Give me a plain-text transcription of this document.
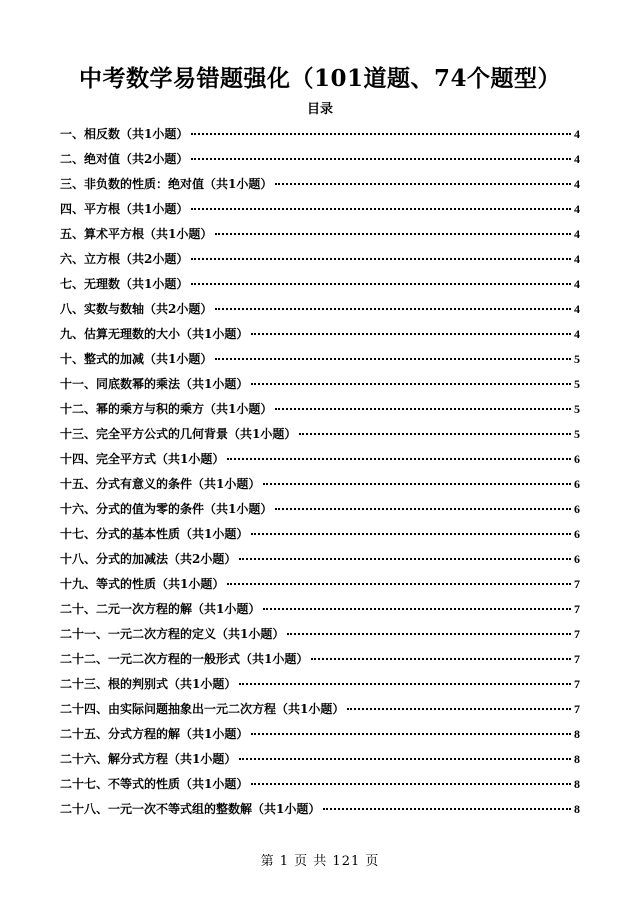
中考数学易错题强化（101道题、74个题型）
目录
一、相反数（共1小题）	4
二、绝对值（共2小题）	4
三、非负数的性质：绝对值（共1小题）	4
四、平方根（共1小题）	4
五、算术平方根（共1小题）	4
六、立方根（共2小题）	4
七、无理数（共1小题）	4
八、实数与数轴（共2小题）	4
九、估算无理数的大小（共1小题）	4
十、整式的加减（共1小题）	5
十一、同底数幂的乘法（共1小题）	5
十二、幂的乘方与积的乘方（共1小题）	5
十三、完全平方公式的几何背景（共1小题）	5
十四、完全平方式（共1小题）	6
十五、分式有意义的条件（共1小题）	6
十六、分式的值为零的条件（共1小题）	6
十七、分式的基本性质（共1小题）	6
十八、分式的加减法（共2小题）	6
十九、等式的性质（共1小题）	7
二十、二元一次方程的解（共1小题）	7
二十一、一元二次方程的定义（共1小题）	7
二十二、一元二次方程的一般形式（共1小题）	7
二十三、根的判别式（共1小题）	7
二十四、由实际问题抽象出一元二次方程（共1小题）	7
二十五、分式方程的解（共1小题）	8
二十六、解分式方程（共1小题）	8
二十七、不等式的性质（共1小题）	8
二十八、一元一次不等式组的整数解（共1小题）	8
第 1 页 共 121 页
